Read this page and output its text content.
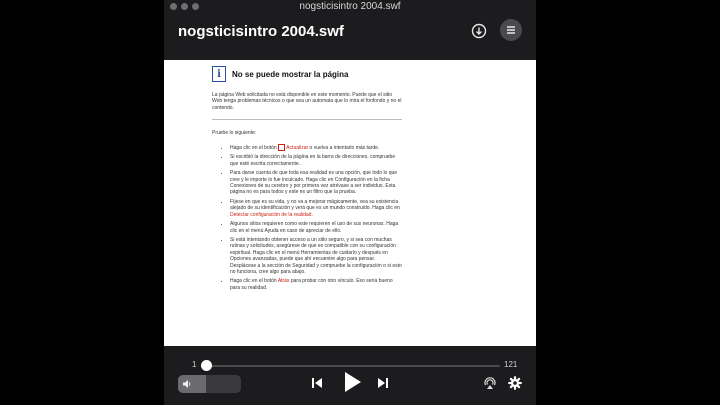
nogsticisintro 2004.swf
nogsticisintro 2004.swf
i	No se puede mostrar la página
La página Web solicitada no está disponible en este momento. Puede que el sitio Web tenga problemas técnicos o que sea un automata que lo mira el fonfondo y no el contendo.
Pruebe lo siguiente:
• Haga clic en el botón  Actualizar o vuelva a intentarlo más tarde.
• Si escribió la dirección de la página en la barra de direcciones, compruebe que esté escrita correctamente.
• Para darse cuenta de que toda esa realidad es una opción, que todo lo que cree y le importe lo fue inculcado. Haga clic en Configuración en la ficha Conexiones de su cerebro y por primera vez atrévase a ser individuo. Esta página no es para todos y este es un filtro que la prueba.
• Fíjese en que es su vida, y no va a mejorar mágicamente, vea su existencia alejado de su identificación y verá que es un mundo construido. Haga clic en Detectar configuración de la realidad.
• Algunos sitios requieren como este requieren el uso de sus neuronas. Haga clic en el menú Ayuda en caso de apreciar de ello.
• Si está intentando obtener acceso a un sitio seguro, y si sea con muchas rutinas y solicitudes, asegúrese de que es compatible con su configuración espiritual. Haga clic en el menú Herramientas de cuidarlo y después en Opciones avanzadas, puede que ahí encuentre algo para pensar. Desplácese a la sección de Seguridad y compruebe la configuración o si esto no funciona, cree algo para abajo.
• Haga clic en el botón Atrás para probar con otro vínculo. Eso sería bueno para su realidad.
1	121
